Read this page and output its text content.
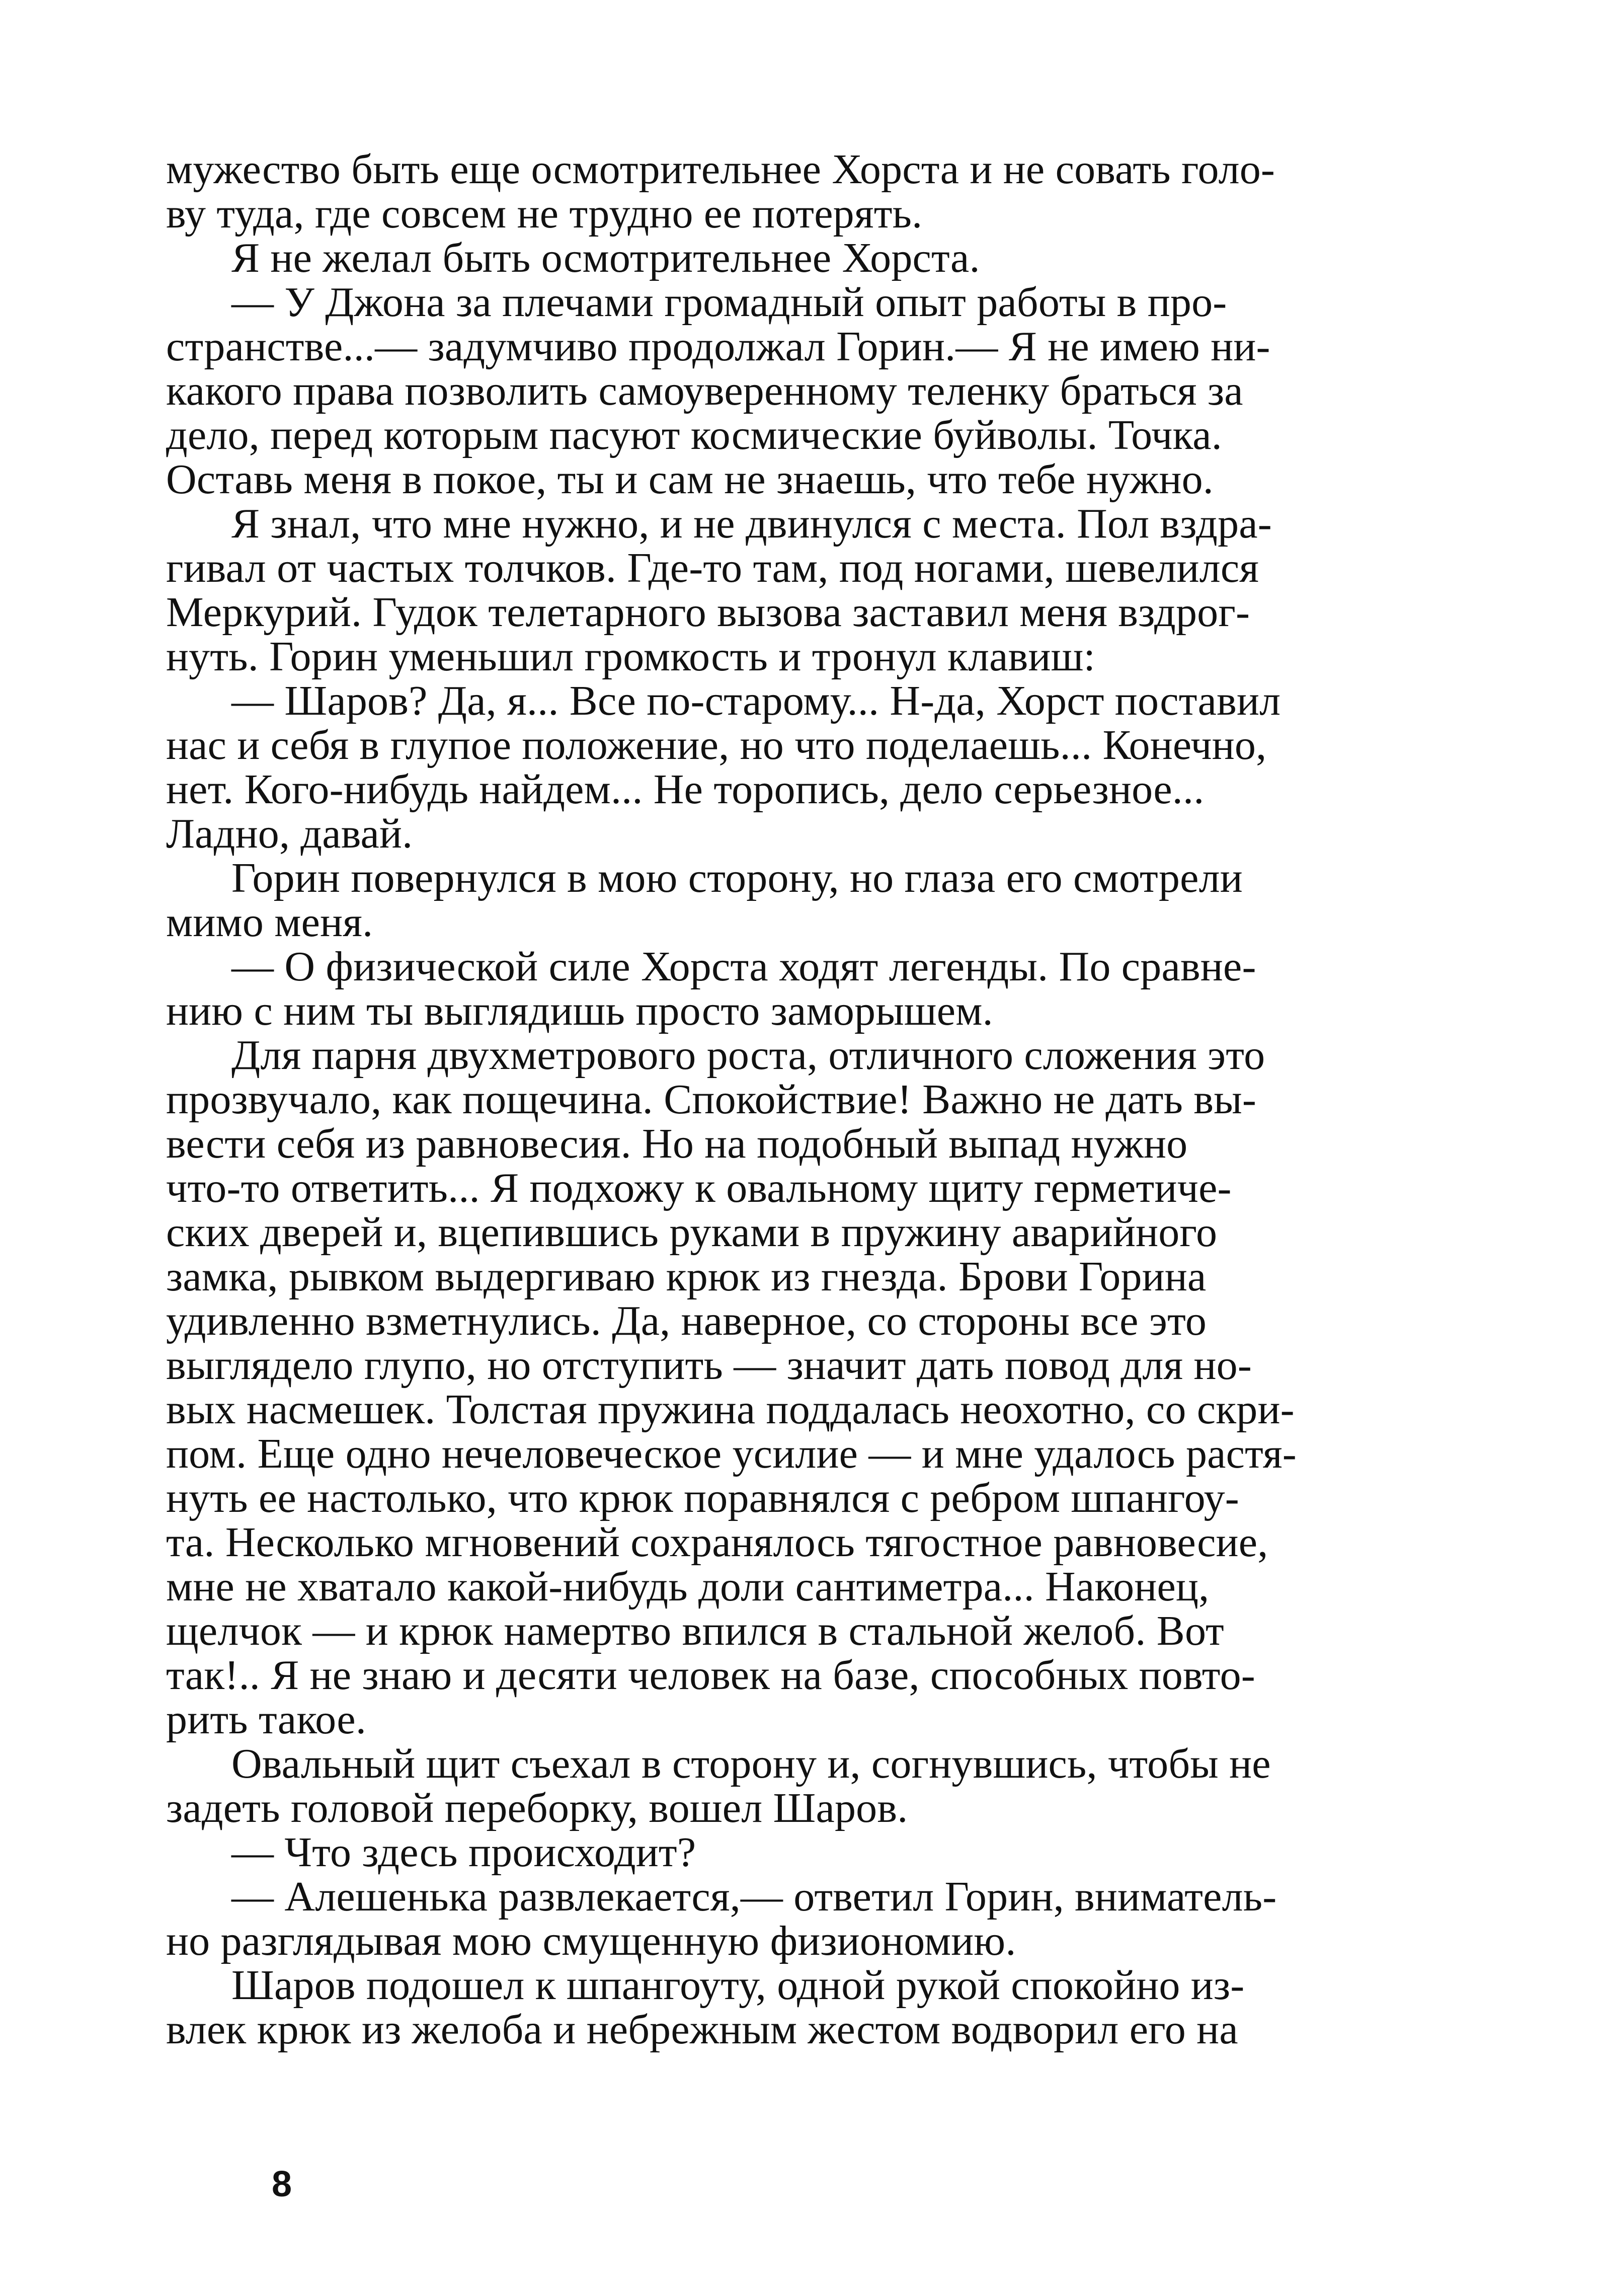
мужество быть еще осмотрительнее Хорста и не совать голо-
ву туда, где совсем не трудно ее потерять.
Я не желал быть осмотрительнее Хорста.
— У Джона за плечами громадный опыт работы в про-
странстве...— задумчиво продолжал Горин.— Я не имею ни-
какого права позволить самоуверенному теленку браться за
дело, перед которым пасуют космические буйволы. Точка.
Оставь меня в покое, ты и сам не знаешь, что тебе нужно.
Я знал, что мне нужно, и не двинулся с места. Пол вздра-
гивал от частых толчков. Где-то там, под ногами, шевелился
Меркурий. Гудок телетарного вызова заставил меня вздрог-
нуть. Горин уменьшил громкость и тронул клавиш:
— Шаров? Да, я... Все по-старому... Н-да, Хорст поставил
нас и себя в глупое положение, но что поделаешь... Конечно,
нет. Кого-нибудь найдем... Не торопись, дело серьезное...
Ладно, давай.
Горин повернулся в мою сторону, но глаза его смотрели
мимо меня.
— О физической силе Хорста ходят легенды. По сравне-
нию с ним ты выглядишь просто заморышем.
Для парня двухметрового роста, отличного сложения это
прозвучало, как пощечина. Спокойствие! Важно не дать вы-
вести себя из равновесия. Но на подобный выпад нужно
что-то ответить... Я подхожу к овальному щиту герметиче-
ских дверей и, вцепившись руками в пружину аварийного
замка, рывком выдергиваю крюк из гнезда. Брови Горина
удивленно взметнулись. Да, наверное, со стороны все это
выглядело глупо, но отступить — значит дать повод для но-
вых насмешек. Толстая пружина поддалась неохотно, со скри-
пом. Еще одно нечеловеческое усилие — и мне удалось растя-
нуть ее настолько, что крюк поравнялся с ребром шпангоу-
та. Несколько мгновений сохранялось тягостное равновесие,
мне не хватало какой-нибудь доли сантиметра... Наконец,
щелчок — и крюк намертво впился в стальной желоб. Вот
так!.. Я не знаю и десяти человек на базе, способных повто-
рить такое.
Овальный щит съехал в сторону и, согнувшись, чтобы не
задеть головой переборку, вошел Шаров.
— Что здесь происходит?
— Алешенька развлекается,— ответил Горин, вниматель-
но разглядывая мою смущенную физиономию.
Шаров подошел к шпангоуту, одной рукой спокойно из-
влек крюк из желоба и небрежным жестом водворил его на
8
